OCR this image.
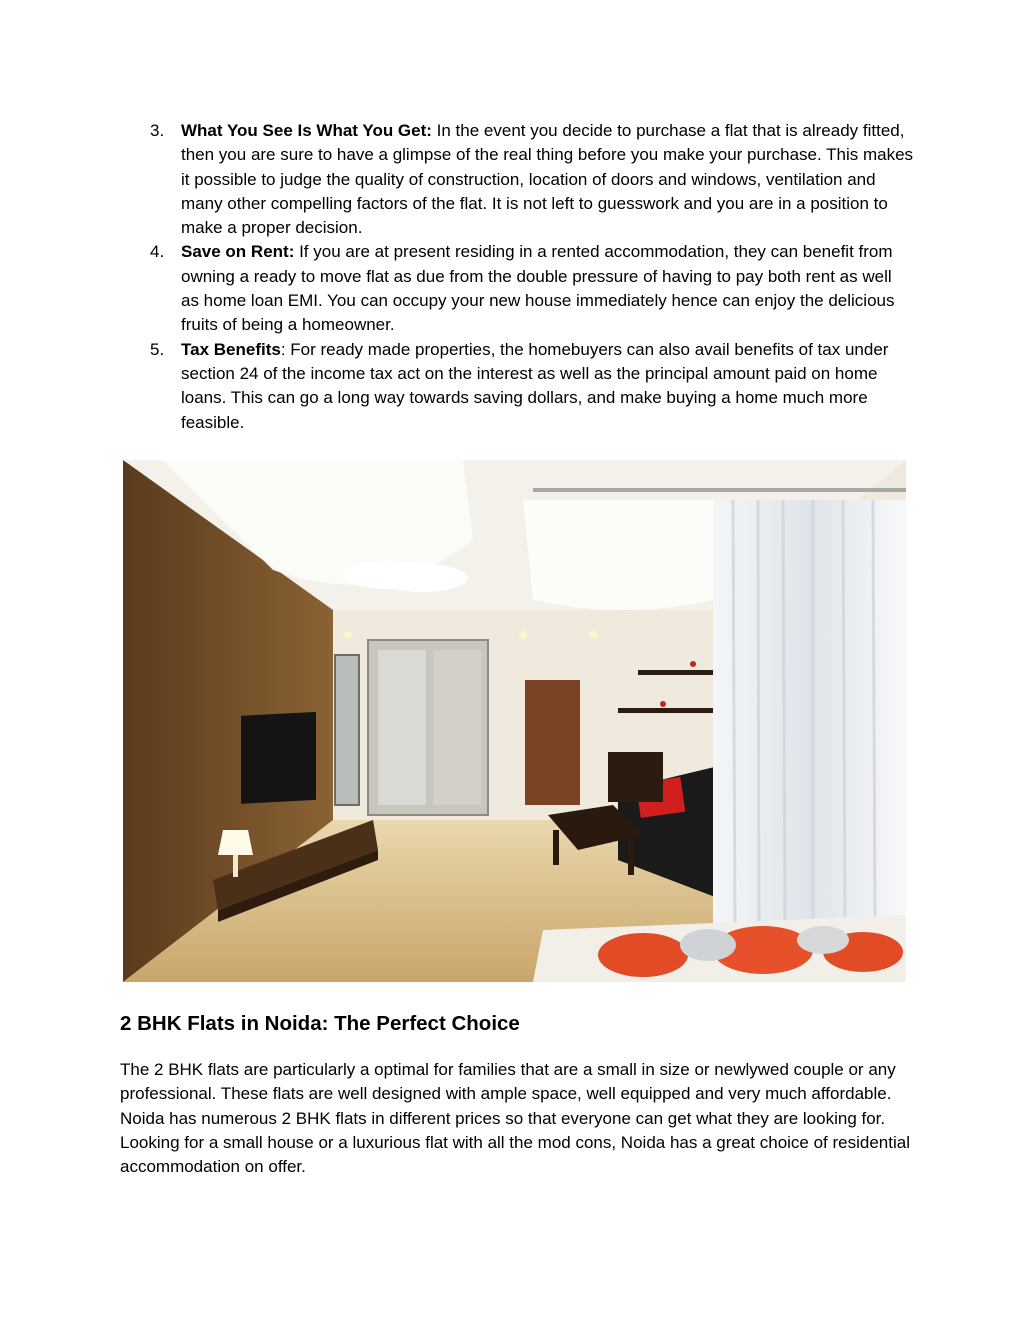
3. What You See Is What You Get: In the event you decide to purchase a flat that is already fitted, then you are sure to have a glimpse of the real thing before you make your purchase. This makes it possible to judge the quality of construction, location of doors and windows, ventilation and many other compelling factors of the flat. It is not left to guesswork and you are in a position to make a proper decision.
4. Save on Rent: If you are at present residing in a rented accommodation, they can benefit from owning a ready to move flat as due from the double pressure of having to pay both rent as well as home loan EMI. You can occupy your new house immediately hence can enjoy the delicious fruits of being a homeowner.
5. Tax Benefits: For ready made properties, the homebuyers can also avail benefits of tax under section 24 of the income tax act on the interest as well as the principal amount paid on home loans. This can go a long way towards saving dollars, and make buying a home much more feasible.
2 BHK Flats in Noida: The Perfect Choice

The 2 BHK flats are particularly a optimal for families that are a small in size or newlywed couple or any professional. These flats are well designed with ample space, well equipped and very much affordable. Noida has numerous 2 BHK flats in different prices so that everyone can get what they are looking for. Looking for a small house or a luxurious flat with all the mod cons, Noida has a great choice of residential accommodation on offer.
